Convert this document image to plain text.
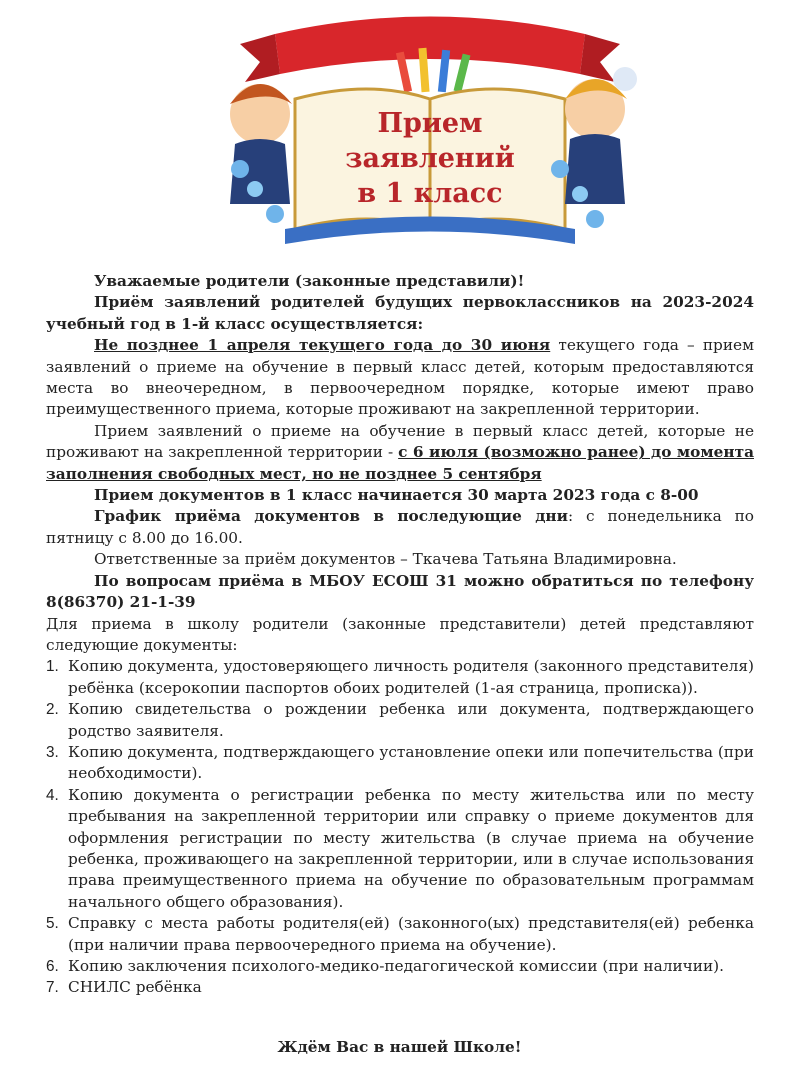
Прием
заявлений
в 1 класс

Уважаемые родители (законные представили)!

Приём заявлений родителей будущих первоклассников на 2023-2024 учебный год в 1-й класс осуществляется:

Не позднее 1 апреля текущего года до 30 июня текущего года – прием заявлений о приеме на обучение в первый класс детей, которым предоставляются места во внеочередном, в первоочередном порядке, которые имеют право преимущественного приема, которые проживают на закрепленной территории.

Прием заявлений о приеме на обучение в первый класс детей, которые не проживают на закрепленной территории - с 6 июля (возможно ранее) до момента заполнения свободных мест, но не позднее 5 сентября

Прием документов в 1 класс начинается 30 марта 2023 года с 8-00

График приёма документов в последующие дни: с понедельника по пятницу с 8.00 до 16.00.

Ответственные за приём документов – Ткачева Татьяна Владимировна.

По вопросам приёма в МБОУ ЕСОШ 31 можно обратиться по телефону 8(86370) 21-1-39

Для приема в школу родители (законные представители) детей представляют следующие документы:

1. Копию документа, удостоверяющего личность родителя (законного представителя) ребёнка (ксерокопии паспортов обоих родителей (1-ая страница, прописка)).
2. Копию свидетельства о рождении ребенка или документа, подтверждающего родство заявителя.
3. Копию документа, подтверждающего установление опеки или попечительства (при необходимости).
4. Копию документа о регистрации ребенка по месту жительства или по месту пребывания на закрепленной территории или справку о приеме документов для оформления регистрации по месту жительства (в случае приема на обучение ребенка, проживающего на закрепленной территории, или в случае использования права преимущественного приема на обучение по образовательным программам начального общего образования).
5. Справку с места работы родителя(ей) (законного(ых) представителя(ей) ребенка (при наличии права первоочередного приема на обучение).
6. Копию заключения психолого-медико-педагогической комиссии (при наличии).
7. СНИЛС ребёнка
Ждём Вас в нашей Школе!
